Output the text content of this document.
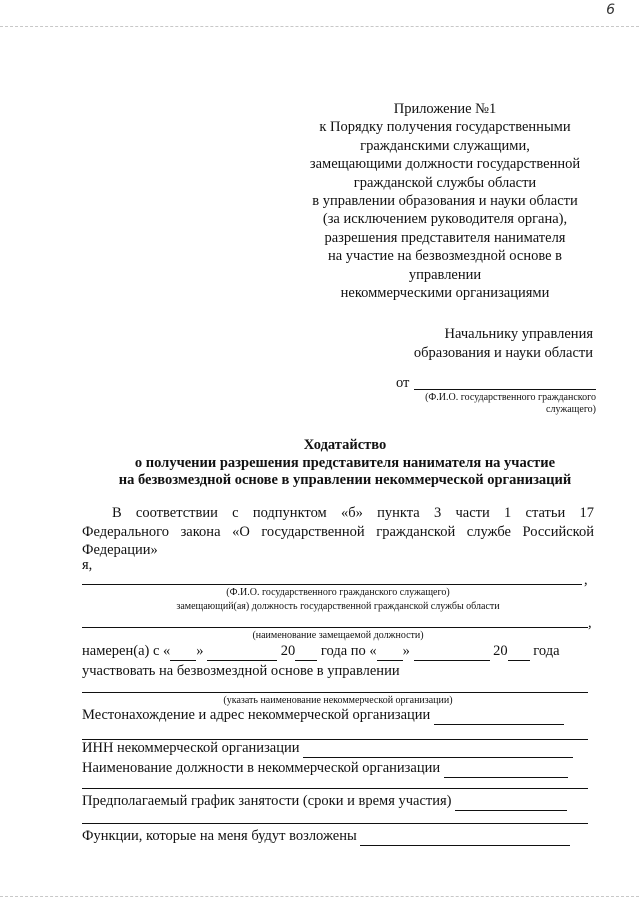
6
Приложение №1
к Порядку получения государственными
гражданскими служащими,
замещающими должности государственной
гражданской службы области
в управлении образования и науки области
(за исключением руководителя органа),
разрешения представителя нанимателя
на участие на безвозмездной основе в
управлении
некоммерческими организациями
Начальнику управления
образования и науки области
от
(Ф.И.О. государственного гражданского
служащего)
Ходатайство
о получении разрешения представителя нанимателя на участие
на безвозмездной основе в управлении некоммерческой организаций
В соответствии с подпунктом «б» пункта 3 части 1 статьи 17
Федерального закона «О государственной гражданской службе Российской
Федерации»
я,
,
(Ф.И.О. государственного гражданского служащего)
замещающий(ая) должность государственной гражданской службы области
,
(наименование замещаемой должности)
намерен(а) с « »	20 года по « »	20 года
участвовать на безвозмездной основе в управлении
(указать наименование некоммерческой организации)
Местонахождение и адрес некоммерческой организации
ИНН некоммерческой организации
Наименование должности в некоммерческой организации
Предполагаемый график занятости (сроки и время участия)
Функции, которые на меня будут возложены
